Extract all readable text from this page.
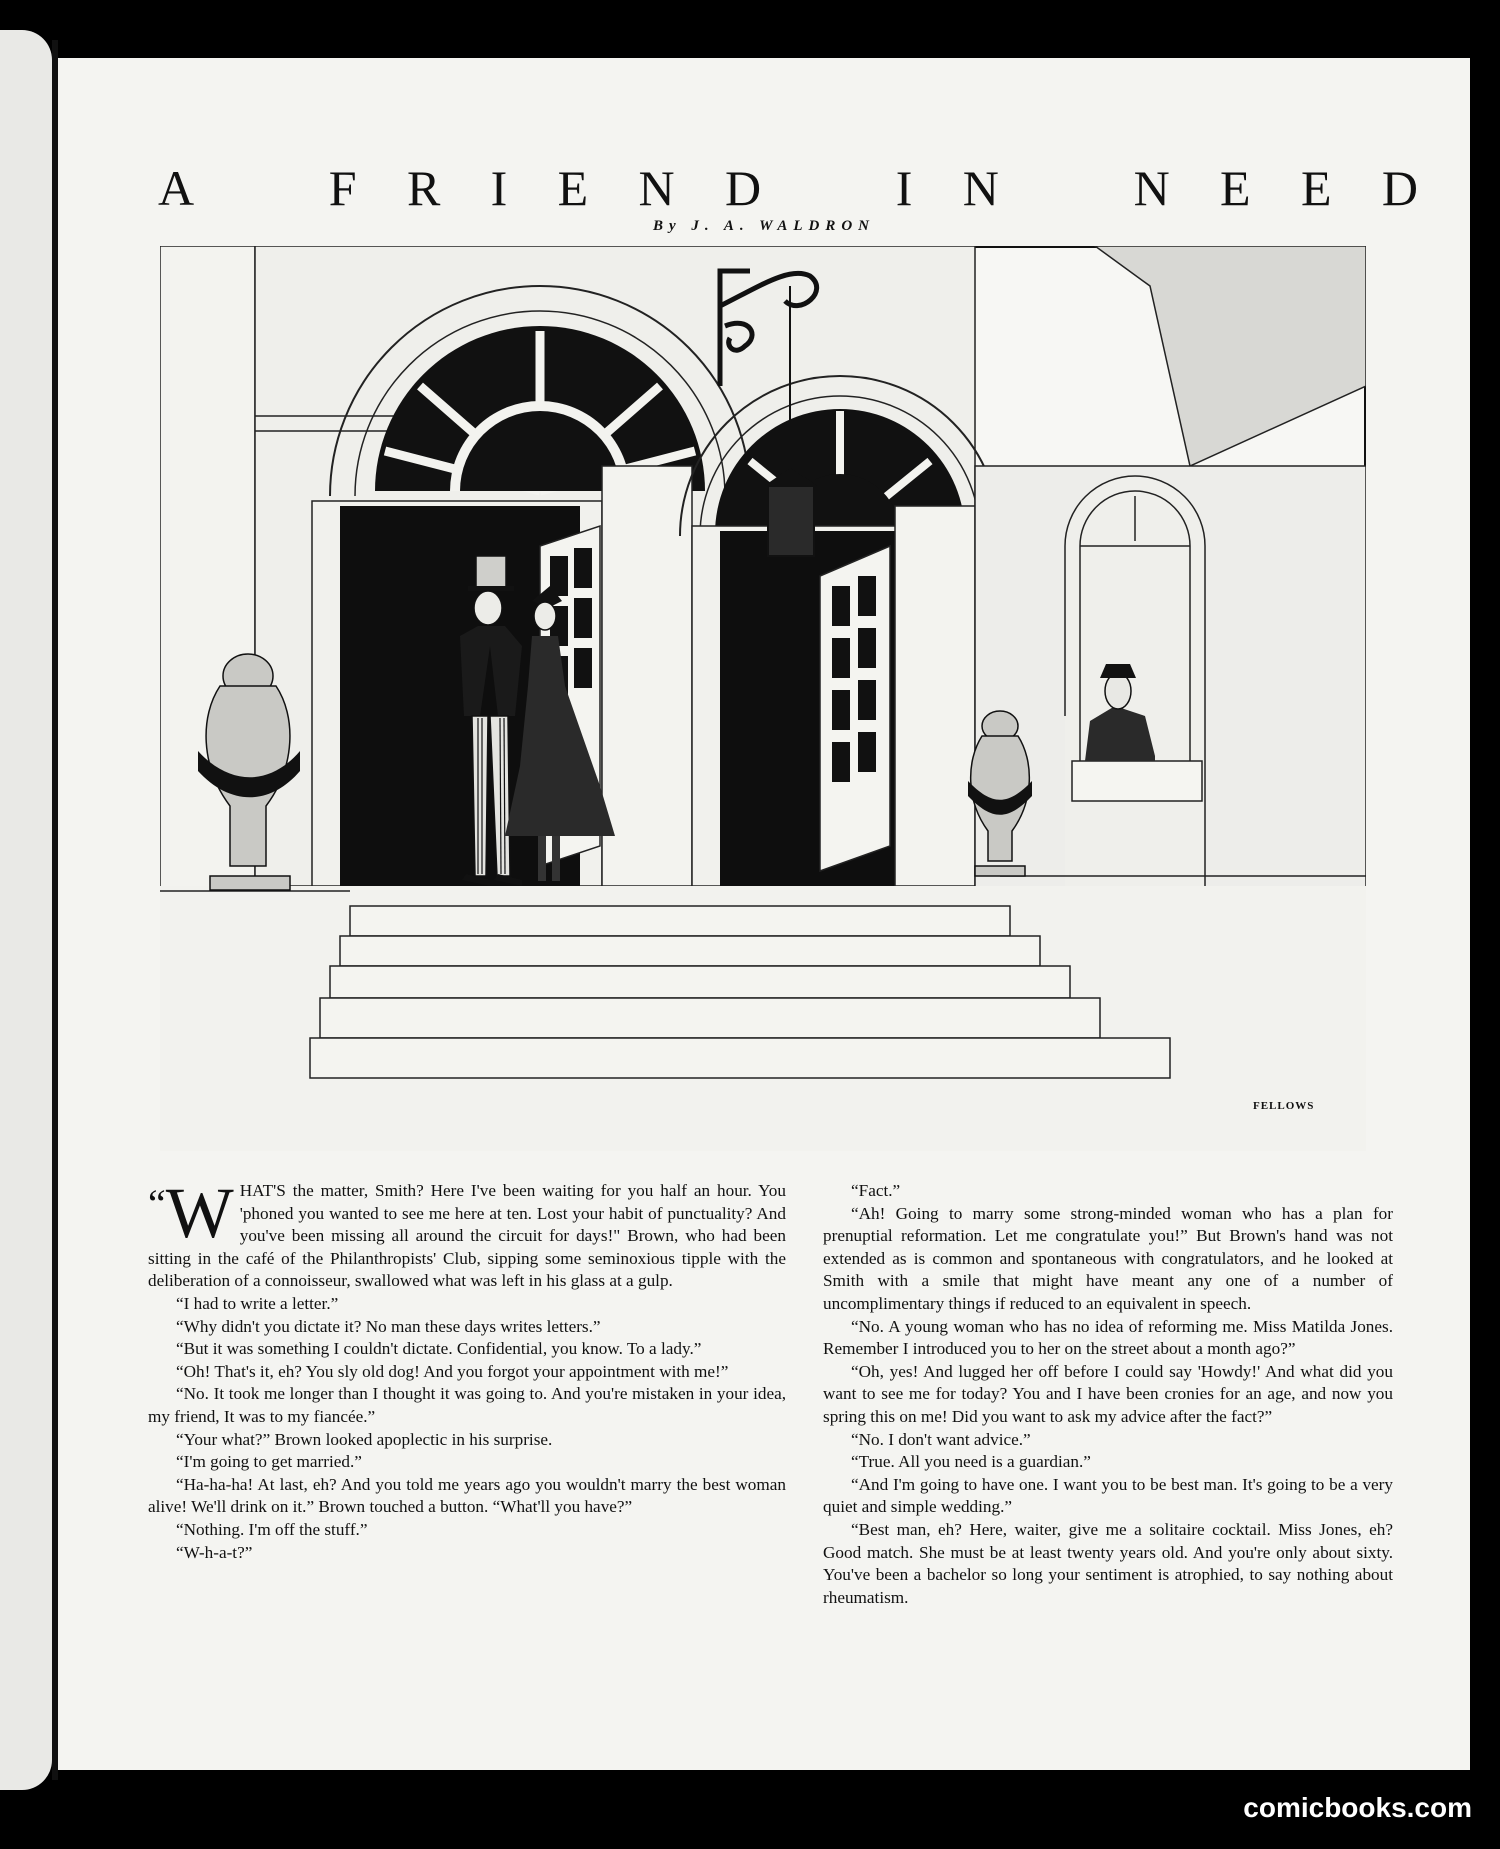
A	F R I E N D	I N	N E E D
By J. A. WALDRON
FELLOWS

“W HAT'S the matter, Smith? Here I've been waiting for you half an hour. You 'phoned you wanted to see me here at ten. Lost your habit of punctuality? And you've been missing all around the circuit for days!" Brown, who had been sitting in the café of the Philanthropists' Club, sipping some seminoxious tipple with the deliberation of a connoisseur, swallowed what was left in his glass at a gulp.

“I had to write a letter.”

“Why didn't you dictate it? No man these days writes letters.”

“But it was something I couldn't dictate. Confidential, you know. To a lady.”

“Oh! That's it, eh? You sly old dog! And you forgot your appointment with me!”

“No. It took me longer than I thought it was going to. And you're mistaken in your idea, my friend, It was to my fiancée.”

“Your what?” Brown looked apoplectic in his surprise.

“I'm going to get married.”

“Ha-ha-ha! At last, eh? And you told me years ago you wouldn't marry the best woman alive! We'll drink on it.” Brown touched a button. “What'll you have?”

“Nothing. I'm off the stuff.”

“W-h-a-t?”

“Fact.”

“Ah! Going to marry some strong-minded woman who has a plan for prenuptial reformation. Let me congratulate you!” But Brown's hand was not extended as is common and spontaneous with congratulators, and he looked at Smith with a smile that might have meant any one of a number of uncomplimentary things if reduced to an equivalent in speech.

“No. A young woman who has no idea of reforming me. Miss Matilda Jones. Remember I introduced you to her on the street about a month ago?”

“Oh, yes! And lugged her off before I could say 'Howdy!' And what did you want to see me for today? You and I have been cronies for an age, and now you spring this on me! Did you want to ask my advice after the fact?”

“No. I don't want advice.”

“True. All you need is a guardian.”

“And I'm going to have one. I want you to be best man. It's going to be a very quiet and simple wedding.”

“Best man, eh? Here, waiter, give me a solitaire cocktail. Miss Jones, eh? Good match. She must be at least twenty years old. And you're only about sixty. You've been a bachelor so long your sentiment is atrophied, to say nothing about rheumatism.

comicbooks.com
